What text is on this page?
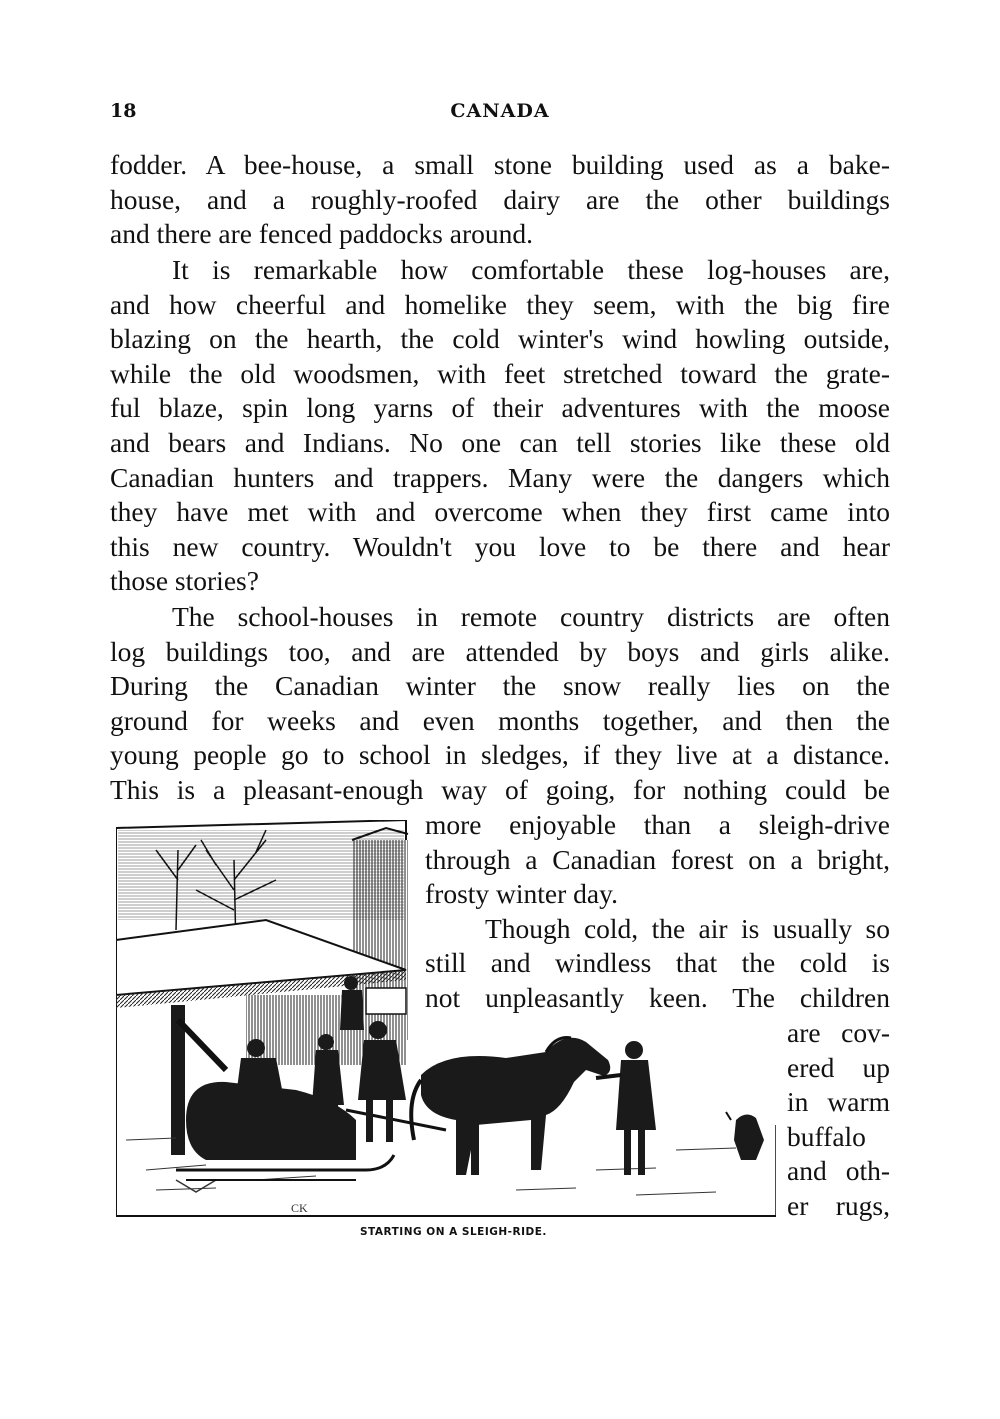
18	CANADA

fodder. A bee-house, a small stone building used as a bake-
house, and a roughly-roofed dairy are the other buildings
and there are fenced paddocks around.

It is remarkable how comfortable these log-houses are,
and how cheerful and homelike they seem, with the big fire
blazing on the hearth, the cold winter's wind howling outside,
while the old woodsmen, with feet stretched toward the grate-
ful blaze, spin long yarns of their adventures with the moose
and bears and Indians. No one can tell stories like these old
Canadian hunters and trappers. Many were the dangers which
they have met with and overcome when they first came into
this new country. Wouldn't you love to be there and hear
those stories?

The school-houses in remote country districts are often
log buildings too, and are attended by boys and girls alike.
During the Canadian winter the snow really lies on the
ground for weeks and even months together, and then the
young people go to school in sledges, if they live at a distance.
This is a pleasant-enough way of going, for nothing could be

more enjoyable than a sleigh-drive
through a Canadian forest on a bright,
frosty winter day.
Though cold, the air is usually so
still and windless that the cold is
not unpleasantly keen. The children

are cov-
ered up
in warm
buffalo
and oth-
er rugs,

CK
STARTING ON A SLEIGH-RIDE.
